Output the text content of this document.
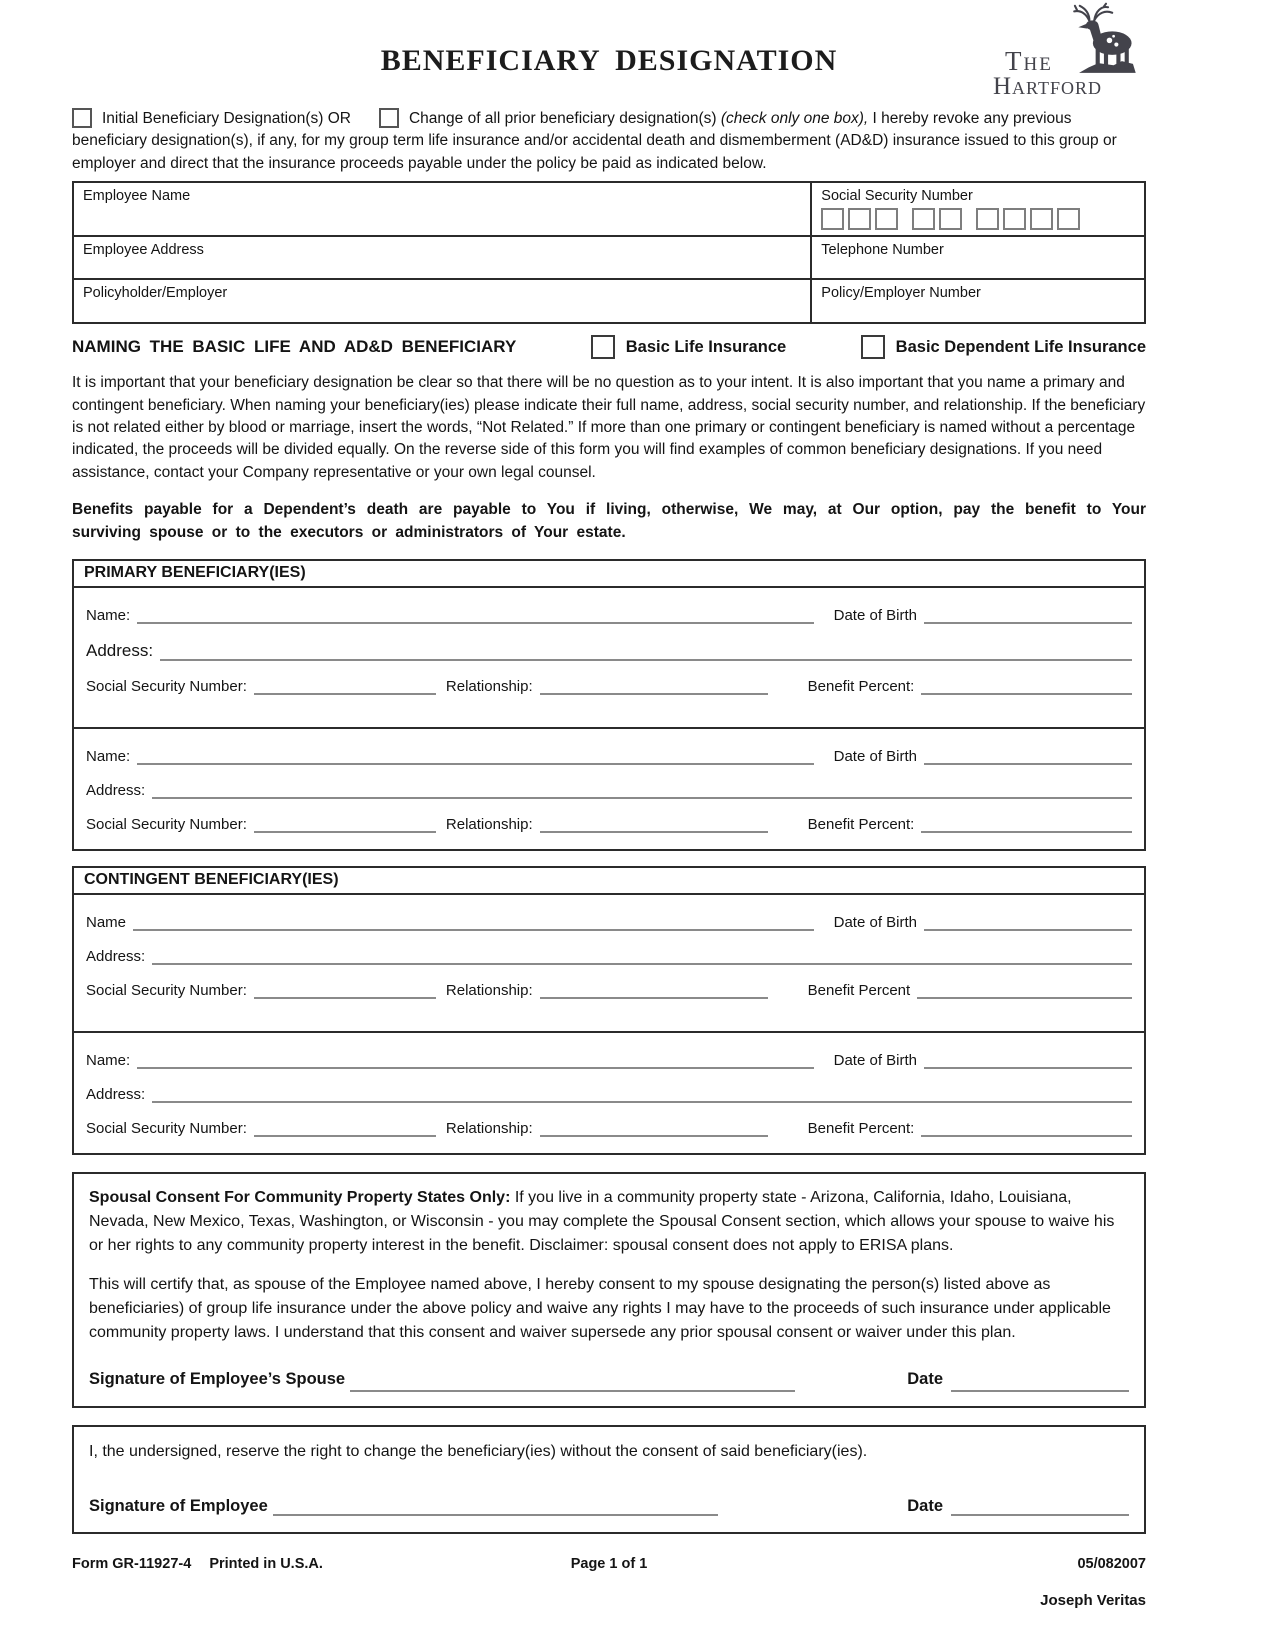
BENEFICIARY DESIGNATION	The
Hartford

Initial Beneficiary Designation(s) OR	Change of all prior beneficiary designation(s) (check only one box), I hereby revoke any previous beneficiary designation(s), if any, for my group term life insurance and/or accidental death and dismemberment (AD&D) insurance issued to this group or employer and direct that the insurance proceeds payable under the policy be paid as indicated below.

Employee Name	Social Security Number
Employee Address	Telephone Number
Policyholder/Employer	Policy/Employer Number
NAMING THE BASIC LIFE AND AD&D BENEFICIARY	Basic Life Insurance	Basic Dependent Life Insurance

It is important that your beneficiary designation be clear so that there will be no question as to your intent. It is also important that you name a primary and contingent beneficiary. When naming your beneficiary(ies) please indicate their full name, address, social security number, and relationship. If the beneficiary is not related either by blood or marriage, insert the words, “Not Related.” If more than one primary or contingent beneficiary is named without a percentage indicated, the proceeds will be divided equally. On the reverse side of this form you will find examples of common beneficiary designations. If you need assistance, contact your Company representative or your own legal counsel.

Benefits payable for a Dependent’s death are payable to You if living, otherwise, We may, at Our option, pay the benefit to Your surviving spouse or to the executors or administrators of Your estate.

PRIMARY BENEFICIARY(IES)
Name:	Date of Birth
Address:
Social Security Number:	Relationship:	Benefit Percent:
Name:	Date of Birth
Address:
Social Security Number:	Relationship:	Benefit Percent:
CONTINGENT BENEFICIARY(IES)
Name	Date of Birth
Address:
Social Security Number:	Relationship:	Benefit Percent
Name:	Date of Birth
Address:
Social Security Number:	Relationship:	Benefit Percent:

Spousal Consent For Community Property States Only: If you live in a community property state - Arizona, California, Idaho, Louisiana, Nevada, New Mexico, Texas, Washington, or Wisconsin - you may complete the Spousal Consent section, which allows your spouse to waive his or her rights to any community property interest in the benefit. Disclaimer: spousal consent does not apply to ERISA plans.

This will certify that, as spouse of the Employee named above, I hereby consent to my spouse designating the person(s) listed above as beneficiaries) of group life insurance under the above policy and waive any rights I may have to the proceeds of such insurance under applicable community property laws. I understand that this consent and waiver supersede any prior spousal consent or waiver under this plan.

Signature of Employee’s Spouse	Date

I, the undersigned, reserve the right to change the beneficiary(ies) without the consent of said beneficiary(ies).

Signature of Employee	Date
Form GR-11927-4 Printed in U.S.A.	Page 1 of 1	05/082007
Joseph Veritas
